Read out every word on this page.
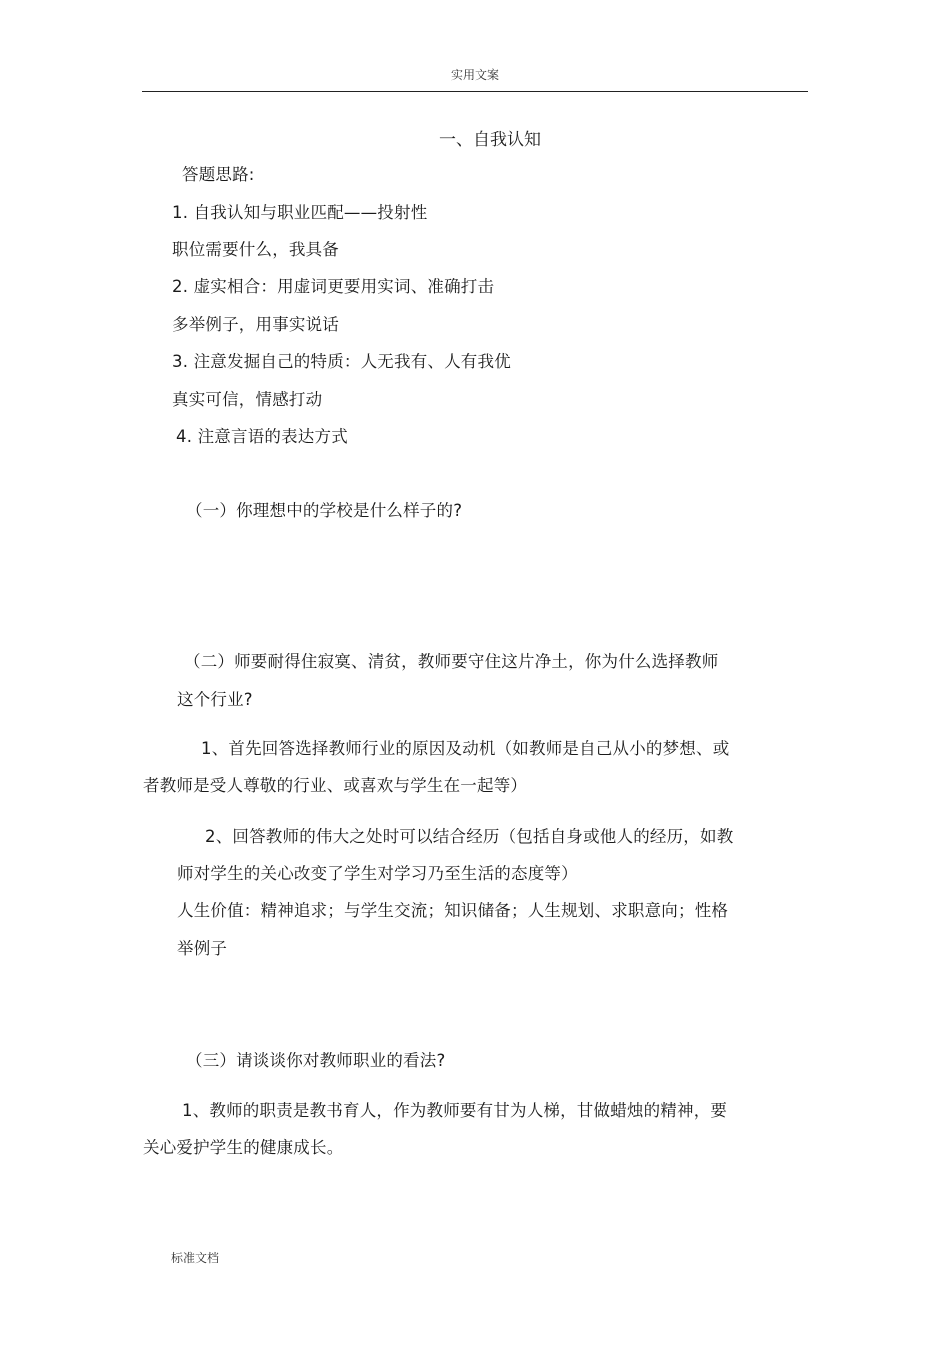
实用文案
一、自我认知
答题思路:
1. 自我认知与职业匹配——投射性
职位需要什么，我具备
2. 虚实相合：用虚词更要用实词、准确打击
多举例子，用事实说话
3. 注意发掘自己的特质：人无我有、人有我优
真实可信，情感打动
4. 注意言语的表达方式
（一）你理想中的学校是什么样子的?
（二）师要耐得住寂寞、清贫，教师要守住这片净土，你为什么选择教师
这个行业?
1、首先回答选择教师行业的原因及动机（如教师是自己从小的梦想、或
者教师是受人尊敬的行业、或喜欢与学生在一起等）
2、回答教师的伟大之处时可以结合经历（包括自身或他人的经历，如教
师对学生的关心改变了学生对学习乃至生活的态度等）
人生价值：精神追求；与学生交流；知识储备；人生规划、求职意向；性格
举例子
（三）请谈谈你对教师职业的看法?
1、教师的职责是教书育人，作为教师要有甘为人梯，甘做蜡烛的精神，要
关心爱护学生的健康成长。
标准文档
